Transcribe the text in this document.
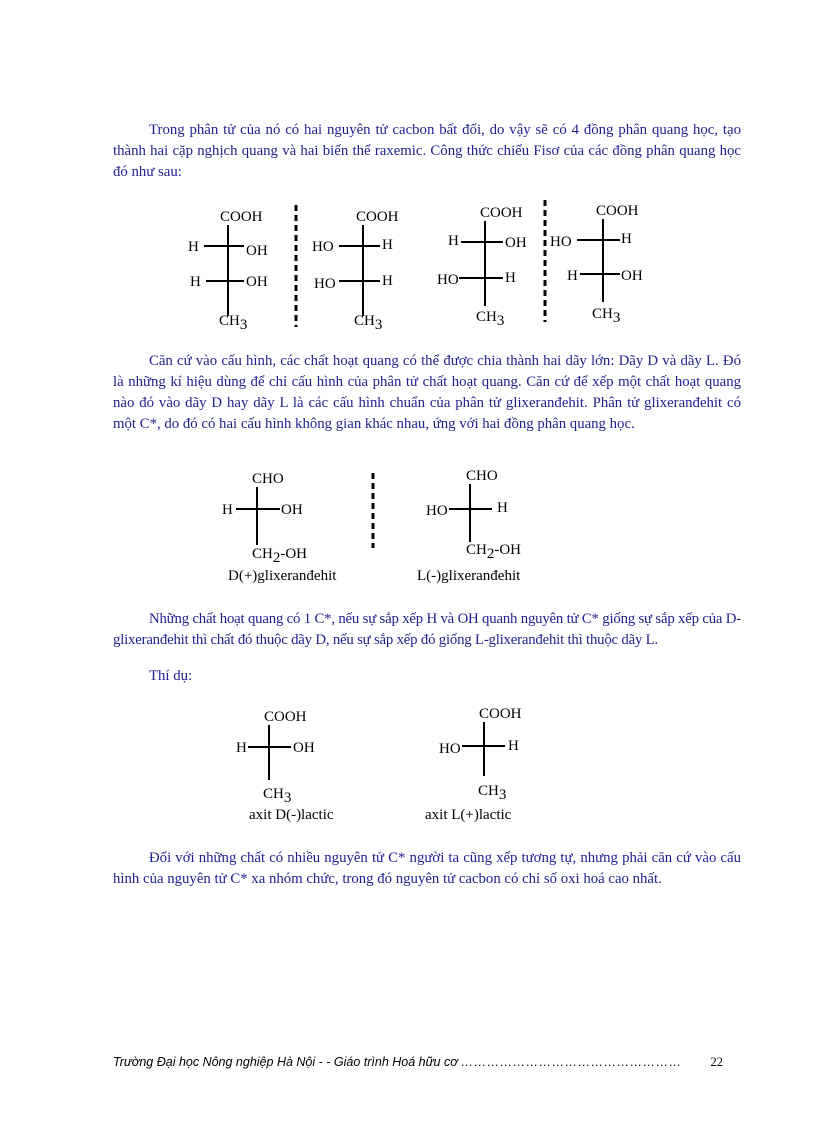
Trong phân tử của nó có hai nguyên tử cacbon bất đối, do vậy sẽ có 4 đồng phân quang học, tạo thành hai cặp nghịch quang và hai biến thể raxemic. Công thức chiếu Fisơ của các đồng phân quang học đó như sau:

COOH
H	OH
H	OH
CH3
COOH
HO	H
HO	H
CH3
COOH
H	OH
HO	H
CH3
COOH
HO	H
H	OH
CH3
CHO
H	OH
CH2-OH
CHO
HO	H
CH2-OH
COOH
H	OH
CH3
COOH
HO	H
CH3

Căn cứ vào cấu hình, các chất hoạt quang có thể được chia thành hai dãy lớn: Dãy D và dãy L. Đó là những kí hiệu dùng để chỉ cấu hình của phân tử chất hoạt quang. Căn cứ để xếp một chất hoạt quang nào đó vào dãy D hay dãy L là các cấu hình chuẩn của phân tử glixeranđehit. Phân tử glixeranđehit có một C*, do đó có hai cấu hình không gian khác nhau, ứng với hai đồng phân quang học.

D(+)glixeranđehit	L(-)glixeranđehit

Những chất hoạt quang có 1 C*, nếu sự sắp xếp H và OH quanh nguyên tử C* giống sự sắp xếp của D-glixeranđehit thì chất đó thuộc dãy D, nếu sự sắp xếp đó giống L-glixeranđehit thì thuộc dãy L.

Thí dụ:

axit D(-)lactic	axit L(+)lactic

Đối với những chất có nhiều nguyên tử C* người ta cũng xếp tương tự, nhưng phải căn cứ vào cấu hình của nguyên tử C* xa nhóm chức, trong đó nguyên tử cacbon có chỉ số oxi hoá cao nhất.

Trường Đại học Nông nghiệp Hà Nội - - Giáo trình Hoá hữu cơ …………………………………………… 22
